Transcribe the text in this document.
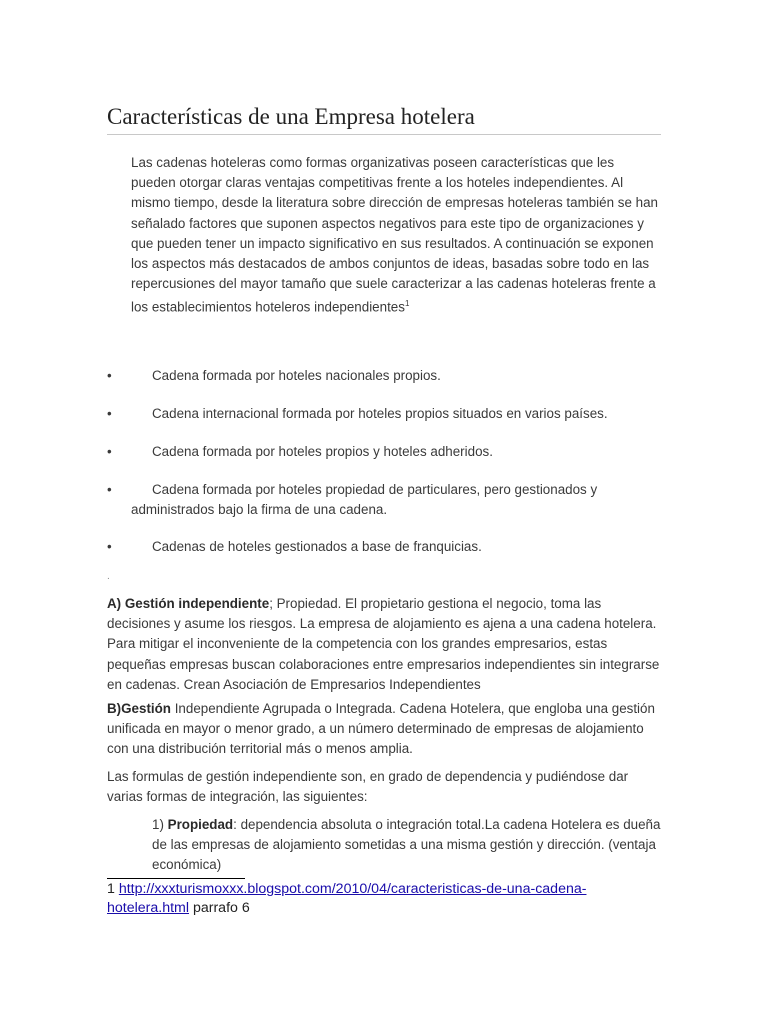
Características de una Empresa hotelera

Las cadenas hoteleras como formas organizativas poseen características que les pueden otorgar claras ventajas competitivas frente a los hoteles independientes. Al mismo tiempo, desde la literatura sobre dirección de empresas hoteleras también se han señalado factores que suponen aspectos negativos para este tipo de organizaciones y que pueden tener un impacto significativo en sus resultados. A continuación se exponen los aspectos más destacados de ambos conjuntos de ideas, basadas sobre todo en las repercusiones del mayor tamaño que suele caracterizar a las cadenas hoteleras frente a los establecimientos hoteleros independientes$^1$

•	Cadena formada por hoteles nacionales propios.
•	Cadena internacional formada por hoteles propios situados en varios países.
•	Cadena formada por hoteles propios y hoteles adheridos.
•	Cadena formada por hoteles propiedad de particulares, pero gestionados y administrados bajo la firma de una cadena.
•	Cadenas de hoteles gestionados a base de franquicias.
.

A) Gestión independiente; Propiedad. El propietario gestiona el negocio, toma las decisiones y asume los riesgos. La empresa de alojamiento es ajena a una cadena hotelera. Para mitigar el inconveniente de la competencia con los grandes empresarios, estas pequeñas empresas buscan colaboraciones entre empresarios independientes sin integrarse en cadenas. Crean Asociación de Empresarios Independientes

B)Gestión Independiente Agrupada o Integrada. Cadena Hotelera, que engloba una gestión unificada en mayor o menor grado, a un número determinado de empresas de alojamiento con una distribución territorial más o menos amplia.

Las formulas de gestión independiente son, en grado de dependencia y pudiéndose dar varias formas de integración, las siguientes:

1) Propiedad: dependencia absoluta o integración total.La cadena Hotelera es dueña de las empresas de alojamiento sometidas a una misma gestión y dirección. (ventaja económica)

1 http://xxxturismoxxx.blogspot.com/2010/04/caracteristicas-de-una-cadena-hotelera.html parrafo 6
